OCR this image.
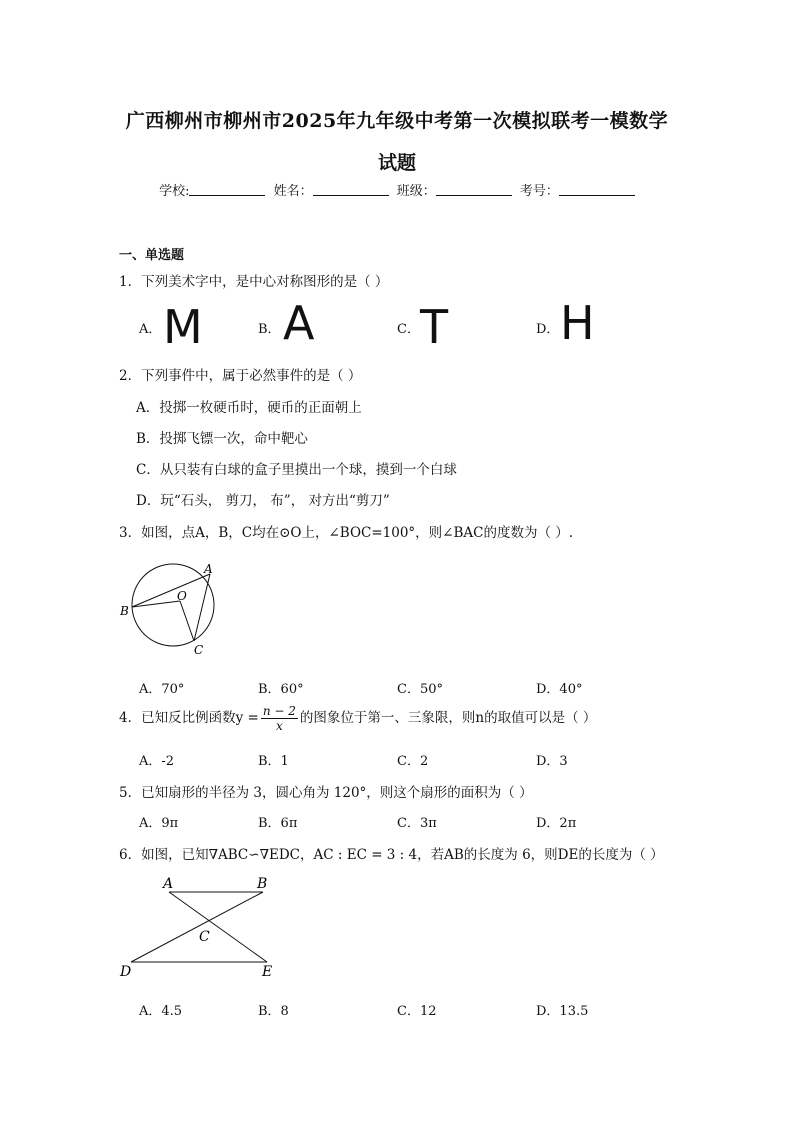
广西柳州市柳州市2025年九年级中考第一次模拟联考一模数学
试题
学校:	姓名：	班级：	考号：
一、单选题
1．下列美术字中，是中心对称图形的是（ ）
A． M	B． A	C． T	D． H
2．下列事件中，属于必然事件的是（ ）
A．投掷一枚硬币时，硬币的正面朝上
B．投掷飞镖一次，命中靶心
C．从只装有白球的盒子里摸出一个球，摸到一个白球
D．玩“石头， 剪刀， 布”， 对方出“剪刀”
3．如图，点A，B，C均在⊙O上，∠BOC=100°，则∠BAC的度数为（ ）.
A
B
C
O
A．70°	B．60°	C．50°	D．40°
4．已知反比例函数$y = \frac{n - 2}{x}$ 的图象位于第一、三象限，则n的取值可以是（ ）
A．-2	B．1	C．2	D．3
5．已知扇形的半径为 3，圆心角为 120°，则这个扇形的面积为（ ）
A．9π	B．6π	C．3π	D．2π
6．如图，已知∇ABC∽∇EDC，AC : EC = 3 : 4，若AB的长度为 6，则DE的长度为（ ）
A	B
C
D	E
A．4.5	B．8	C．12	D．13.5
